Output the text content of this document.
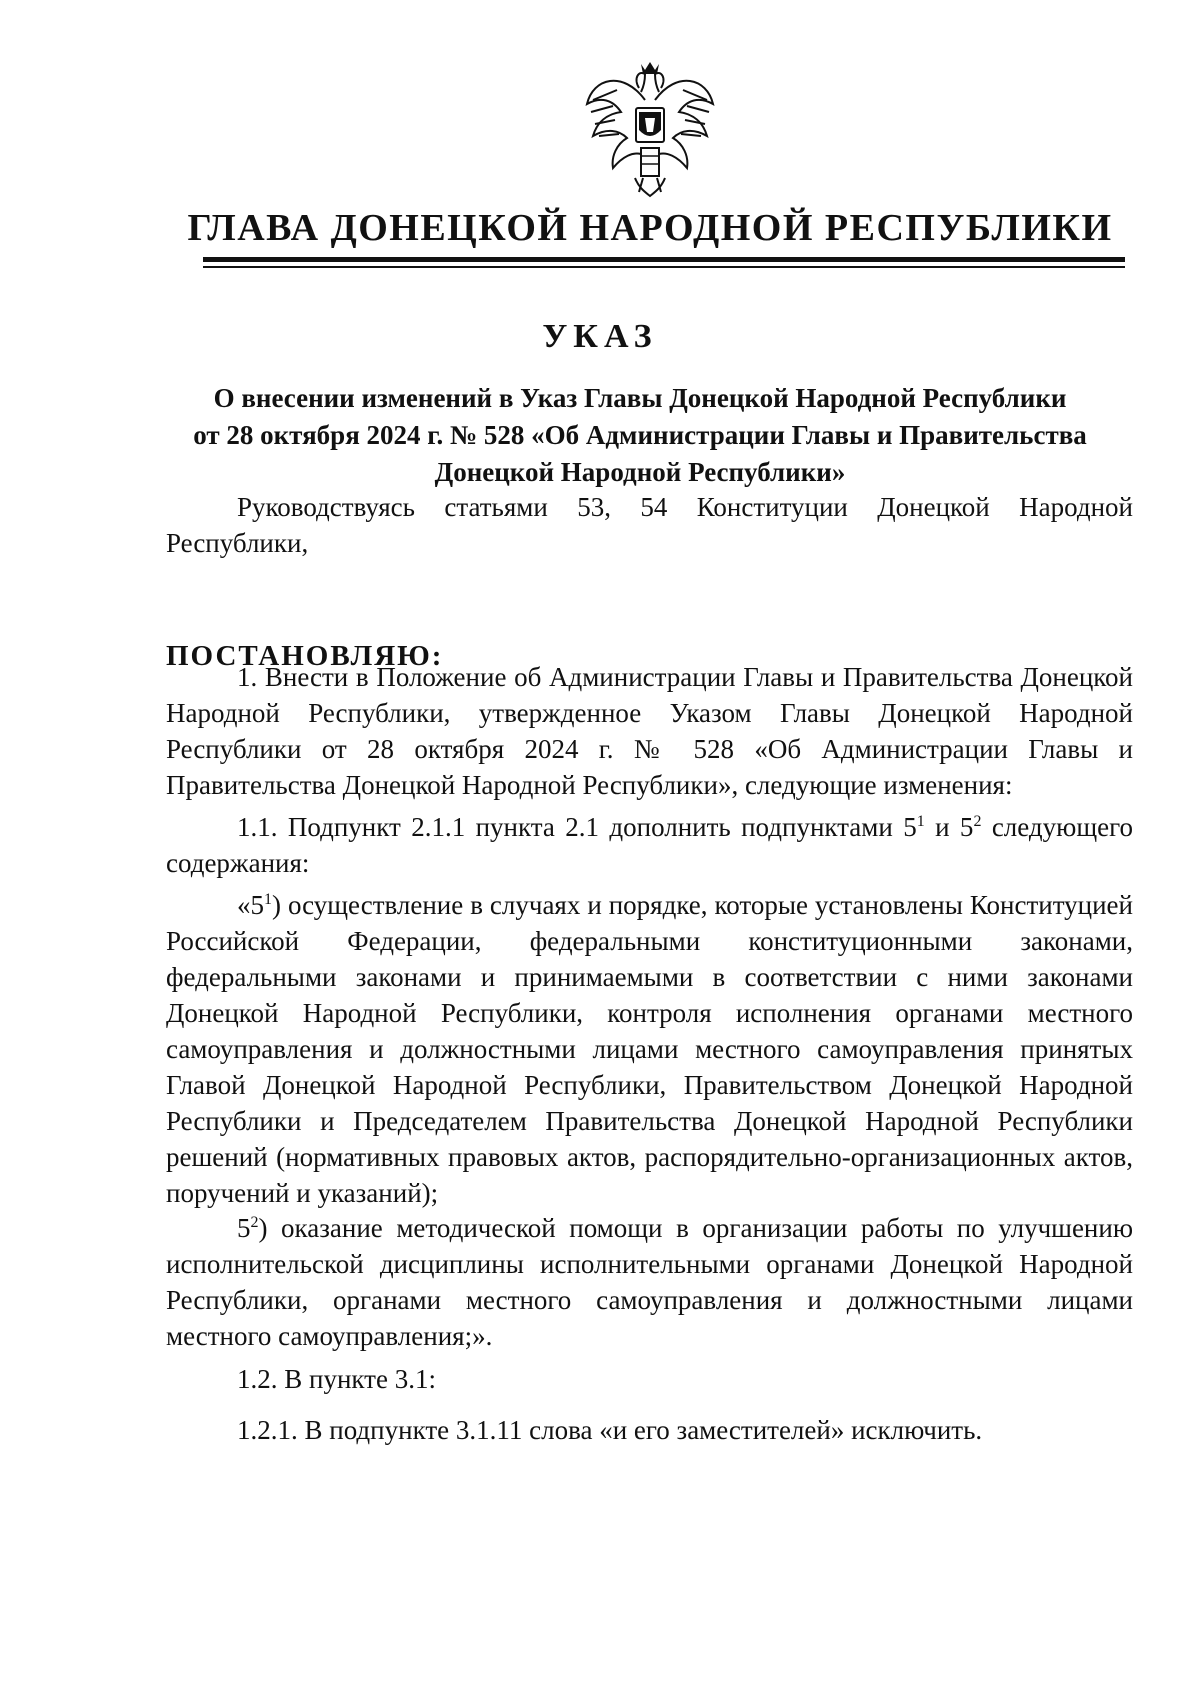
ГЛАВА ДОНЕЦКОЙ НАРОДНОЙ РЕСПУБЛИКИ
УКАЗ
О внесении изменений в Указ Главы Донецкой Народной Республики
от 28 октября 2024 г. № 528 «Об Администрации Главы и Правительства
Донецкой Народной Республики»
Руководствуясь статьями 53, 54 Конституции Донецкой Народной Республики,
ПОСТАНОВЛЯЮ:
1. Внести в Положение об Администрации Главы и Правительства Донецкой Народной Республики, утвержденное Указом Главы Донецкой Народной Республики от 28 октября 2024 г. № 528 «Об Администрации Главы и Правительства Донецкой Народной Республики», следующие изменения:
1.1. Подпункт 2.1.1 пункта 2.1 дополнить подпунктами $5^1$ и $5^2$ следующего содержания:
«$5^1$) осуществление в случаях и порядке, которые установлены Конституцией Российской Федерации, федеральными конституционными законами, федеральными законами и принимаемыми в соответствии с ними законами Донецкой Народной Республики, контроля исполнения органами местного самоуправления и должностными лицами местного самоуправления принятых Главой Донецкой Народной Республики, Правительством Донецкой Народной Республики и Председателем Правительства Донецкой Народной Республики решений (нормативных правовых актов, распорядительно-организационных актов, поручений и указаний);
$5^2$) оказание методической помощи в организации работы по улучшению исполнительской дисциплины исполнительными органами Донецкой Народной Республики, органами местного самоуправления и должностными лицами местного самоуправления;».
1.2. В пункте 3.1:
1.2.1. В подпункте 3.1.11 слова «и его заместителей» исключить.
